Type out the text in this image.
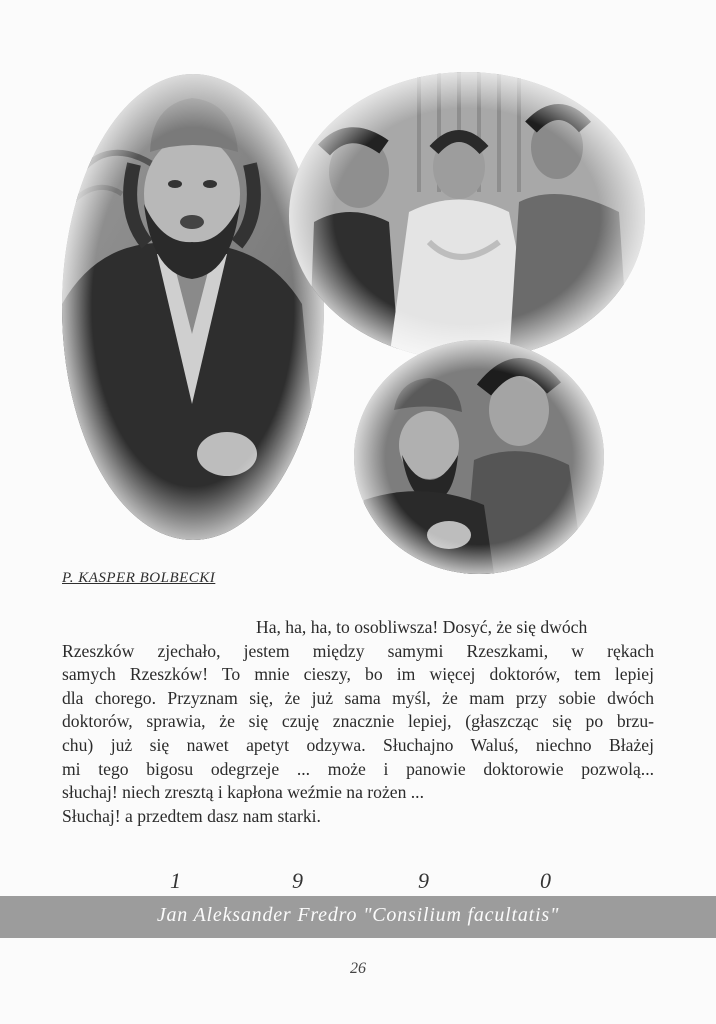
P. KASPER BOLBECKI
Ha, ha, ha, to osobliwsza! Dosyć, że się dwóch
Rzeszków zjechało, jestem między samymi Rzeszkami, w rękach
samych Rzeszków! To mnie cieszy, bo im więcej doktorów, tem lepiej
dla chorego. Przyznam się, że już sama myśl, że mam przy sobie dwóch
doktorów, sprawia, że się czuję znacznie lepiej, (głaszcząc się po brzu-
chu) już się nawet apetyt odzywa. Słuchajno Waluś, niechno Błażej
mi tego bigosu odegrzeje ... może i panowie doktorowie pozwolą...
słuchaj! niech zresztą i kapłona weźmie na rożen ...
Słuchaj! a przedtem dasz nam starki.
1	9	9	0
Jan Aleksander Fredro "Consilium facultatis"
26
